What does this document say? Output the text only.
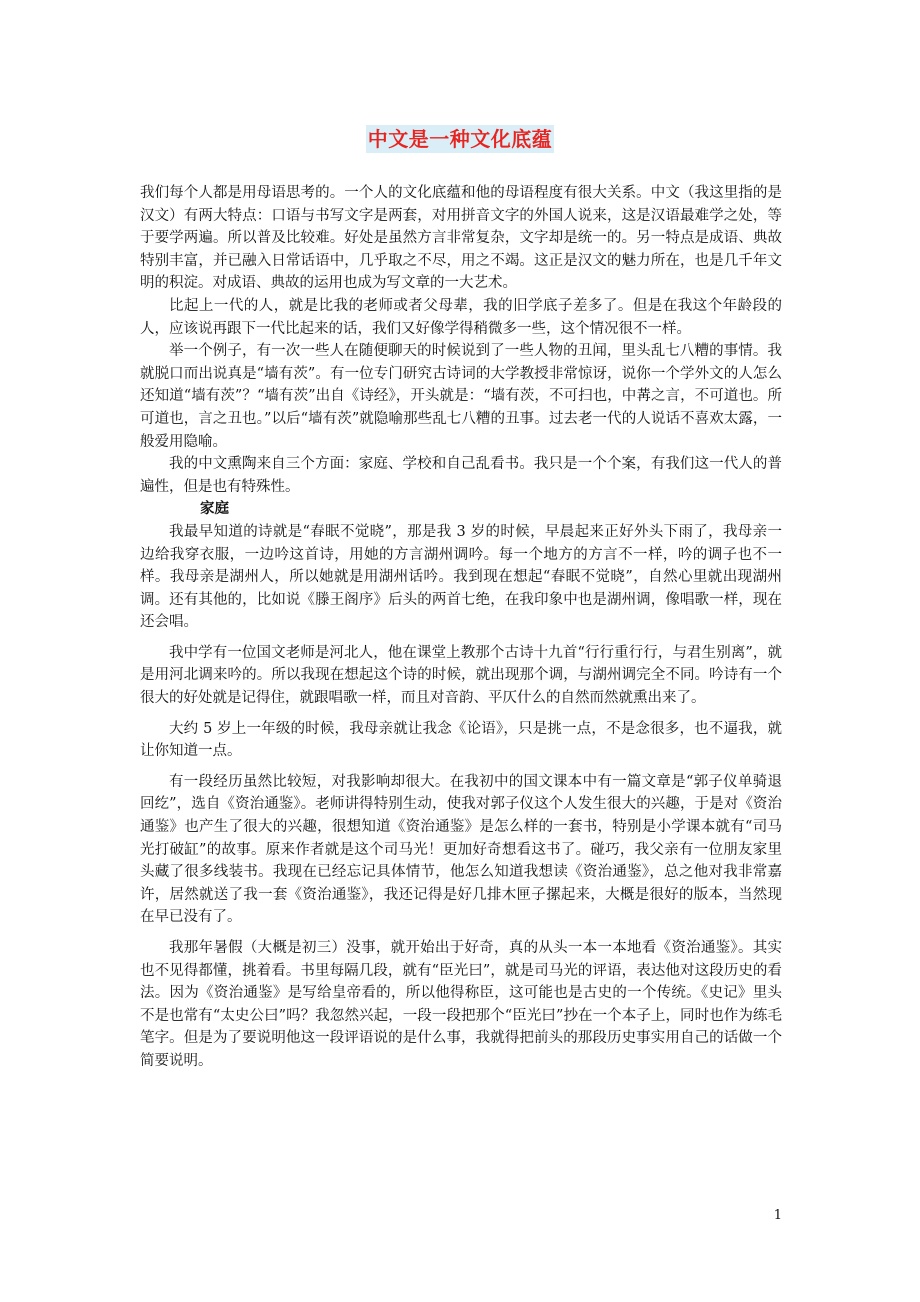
中文是一种文化底蕴

我们每个人都是用母语思考的。一个人的文化底蕴和他的母语程度有很大关系。中文（我这里指的是汉文）有两大特点：口语与书写文字是两套，对用拼音文字的外国人说来，这是汉语最难学之处，等于要学两遍。所以普及比较难。好处是虽然方言非常复杂，文字却是统一的。另一特点是成语、典故特别丰富，并已融入日常话语中，几乎取之不尽，用之不竭。这正是汉文的魅力所在，也是几千年文明的积淀。对成语、典故的运用也成为写文章的一大艺术。

比起上一代的人，就是比我的老师或者父母辈，我的旧学底子差多了。但是在我这个年龄段的人，应该说再跟下一代比起来的话，我们又好像学得稍微多一些，这个情况很不一样。

举一个例子，有一次一些人在随便聊天的时候说到了一些人物的丑闻，里头乱七八糟的事情。我就脱口而出说真是“墙有茨”。有一位专门研究古诗词的大学教授非常惊讶，说你一个学外文的人怎么还知道“墙有茨”？“墙有茨”出自《诗经》，开头就是：“墙有茨，不可扫也，中冓之言，不可道也。所可道也，言之丑也。”以后“墙有茨”就隐喻那些乱七八糟的丑事。过去老一代的人说话不喜欢太露，一般爱用隐喻。

我的中文熏陶来自三个方面：家庭、学校和自己乱看书。我只是一个个案，有我们这一代人的普遍性，但是也有特殊性。

家庭

我最早知道的诗就是“春眠不觉晓”，那是我 3 岁的时候，早晨起来正好外头下雨了，我母亲一边给我穿衣服，一边吟这首诗，用她的方言湖州调吟。每一个地方的方言不一样，吟的调子也不一样。我母亲是湖州人，所以她就是用湖州话吟。我到现在想起“春眠不觉晓”，自然心里就出现湖州调。还有其他的，比如说《滕王阁序》后头的两首七绝，在我印象中也是湖州调，像唱歌一样，现在还会唱。

我中学有一位国文老师是河北人，他在课堂上教那个古诗十九首“行行重行行，与君生别离”，就是用河北调来吟的。所以我现在想起这个诗的时候，就出现那个调，与湖州调完全不同。吟诗有一个很大的好处就是记得住，就跟唱歌一样，而且对音韵、平仄什么的自然而然就熏出来了。

大约 5 岁上一年级的时候，我母亲就让我念《论语》，只是挑一点，不是念很多，也不逼我，就让你知道一点。

有一段经历虽然比较短，对我影响却很大。在我初中的国文课本中有一篇文章是“郭子仪单骑退回纥”，选自《资治通鉴》。老师讲得特别生动，使我对郭子仪这个人发生很大的兴趣，于是对《资治通鉴》也产生了很大的兴趣，很想知道《资治通鉴》是怎么样的一套书，特别是小学课本就有“司马光打破缸”的故事。原来作者就是这个司马光！更加好奇想看这书了。碰巧，我父亲有一位朋友家里头藏了很多线装书。我现在已经忘记具体情节，他怎么知道我想读《资治通鉴》，总之他对我非常嘉许，居然就送了我一套《资治通鉴》，我还记得是好几排木匣子摞起来，大概是很好的版本，当然现在早已没有了。

我那年暑假（大概是初三）没事，就开始出于好奇，真的从头一本一本地看《资治通鉴》。其实也不见得都懂，挑着看。书里每隔几段，就有“臣光曰”，就是司马光的评语，表达他对这段历史的看法。因为《资治通鉴》是写给皇帝看的，所以他得称臣，这可能也是古史的一个传统。《史记》里头不是也常有“太史公曰”吗？我忽然兴起，一段一段把那个“臣光曰”抄在一个本子上，同时也作为练毛笔字。但是为了要说明他这一段评语说的是什么事，我就得把前头的那段历史事实用自己的话做一个简要说明。

1
